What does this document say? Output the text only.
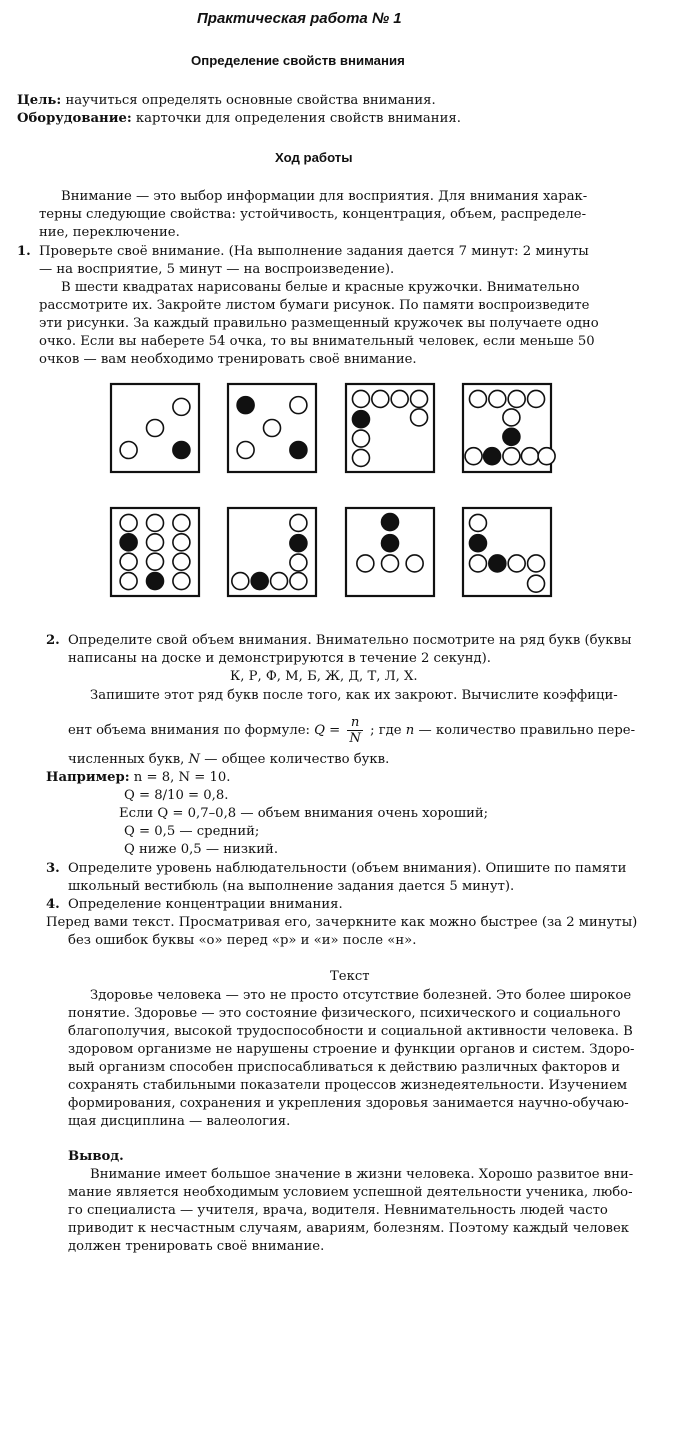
Практическая работа № 1
Определение свойств внимания
Цель: научиться определять основные свойства внимания.
Оборудование: карточки для определения свойств внимания.
Ход работы
Внимание — это выбор информации для восприятия. Для внимания харак-
терны следующие свойства: устойчивость, концентрация, объем, распределе-
ние, переключение.
1. Проверьте своё внимание. (На выполнение задания дается 7 минут: 2 минуты
— на восприятие, 5 минут — на воспроизведение).
В шести квадратах нарисованы белые и красные кружочки. Внимательно
рассмотрите их. Закройте листом бумаги рисунок. По памяти воспроизведите
эти рисунки. За каждый правильно размещенный кружочек вы получаете одно
очко. Если вы наберете 54 очка, то вы внимательный человек, если меньше 50
очков — вам необходимо тренировать своё внимание.
2. Определите свой объем внимания. Внимательно посмотрите на ряд букв (буквы
написаны на доске и демонстрируются в течение 2 секунд).
К, Р, Ф, М, Б, Ж, Д, Т, Л, Х.
Запишите этот ряд букв после того, как их закроют. Вычислите коэффици-
ент объема внимания по формуле: $Q = \frac{n}{N}$ ; где n — количество правильно пере-
численных букв, N — общее количество букв.
Например: n = 8, N = 10.
Q = 8/10 = 0,8.
Если Q = 0,7–0,8 — объем внимания очень хороший;
Q = 0,5 — средний;
Q ниже 0,5 — низкий.
3. Определите уровень наблюдательности (объем внимания). Опишите по памяти
школьный вестибюль (на выполнение задания дается 5 минут).
4. Определение концентрации внимания.
Перед вами текст. Просматривая его, зачеркните как можно быстрее (за 2 минуты)
без ошибок буквы «о» перед «р» и «и» после «н».
Текст
Здоровье человека — это не просто отсутствие болезней. Это более широкое
понятие. Здоровье — это состояние физического, психического и социального
благополучия, высокой трудоспособности и социальной активности человека. В
здоровом организме не нарушены строение и функции органов и систем. Здоро-
вый организм способен приспосабливаться к действию различных факторов и
сохранять стабильными показатели процессов жизнедеятельности. Изучением
формирования, сохранения и укрепления здоровья занимается научно-обучаю-
щая дисциплина — валеология.
Вывод.
Внимание имеет большое значение в жизни человека. Хорошо развитое вни-
мание является необходимым условием успешной деятельности ученика, любо-
го специалиста — учителя, врача, водителя. Невнимательность людей часто
приводит к несчастным случаям, авариям, болезням. Поэтому каждый человек
должен тренировать своё внимание.
